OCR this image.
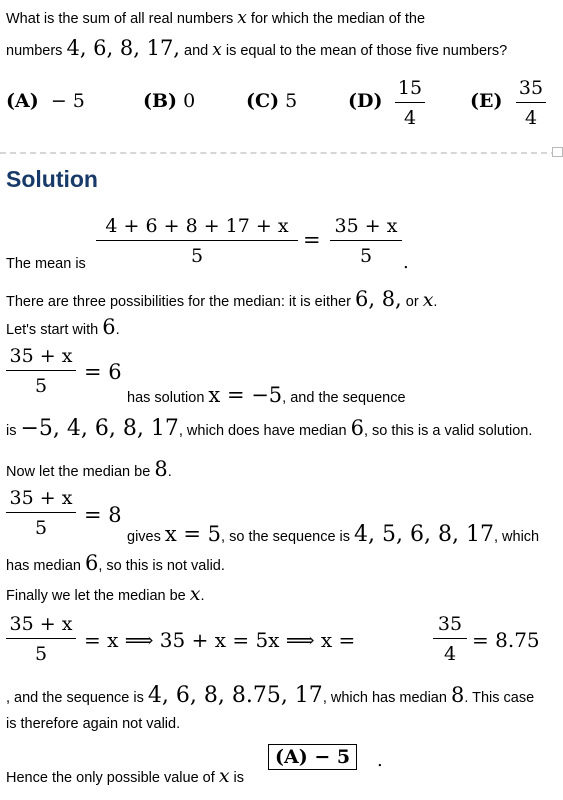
What is the sum of all real numbers x for which the median of the
numbers 4, 6, 8, 17, and x is equal to the mean of those five numbers?
(A) − 5	(B) 0	(C) 5	(D)
15
4
(E)
35
4
Solution
The mean is
4 + 6 + 8 + 17 + x
5
=
35 + x
5	.
There are three possibilities for the median: it is either 6, 8, or x.
Let's start with 6.
35 + x
5
= 6
has solution x = −5, and the sequence
is −5, 4, 6, 8, 17, which does have median 6, so this is a valid solution.
Now let the median be 8.
35 + x
5
= 8
gives x = 5, so the sequence is 4, 5, 6, 8, 17, which
has median 6, so this is not valid.
Finally we let the median be x.
35 + x
5
= x ⟹ 35 + x = 5x ⟹ x =
35
4
= 8.75
, and the sequence is 4, 6, 8, 8.75, 17, which has median 8. This case
is therefore again not valid.
Hence the only possible value of x is
(A) − 5	.
